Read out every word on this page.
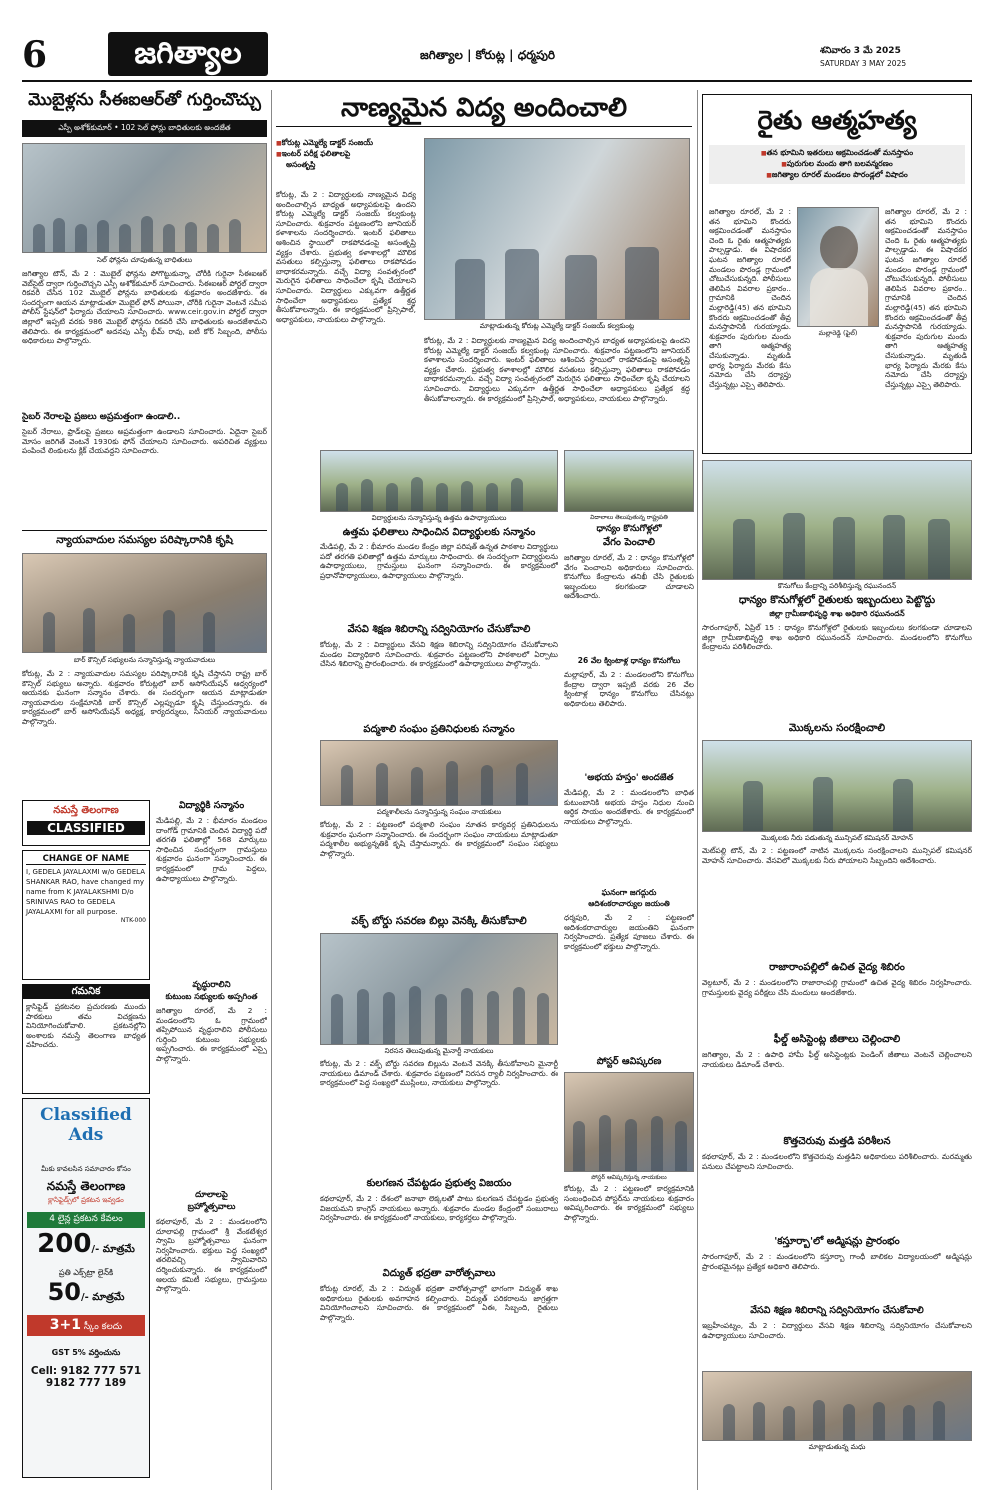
6	జగిత్యాల	జగిత్యాల | కోరుట్ల | ధర్మపురి	శనివారం 3 మే 2025
SATURDAY 3 MAY 2025
మొబైళ్లను సీఈఐఆర్‌తో గుర్తించొచ్చు
ఎస్పీ అశోక్‌కుమార్ • 102 సెల్ ఫోన్లు బాధితులకు అందజేత
సెల్ ఫోన్లను చూపుతున్న బాధితులు
జగిత్యాల టౌన్, మే 2 : మొబైల్ ఫోన్లను పోగొట్టుకున్నా, చోరీకి గురైనా సీఈఐఆర్ వెబ్‌సైట్ ద్వారా గుర్తించొచ్చని ఎస్పీ అశోక్‌కుమార్ సూచించారు. సీఈఐఆర్ పోర్టల్ ద్వారా రికవరీ చేసిన 102 మొబైల్ ఫోన్లను బాధితులకు శుక్రవారం అందజేశారు. ఈ సందర్భంగా ఆయన మాట్లాడుతూ మొబైల్ ఫోన్ పోయినా, చోరీకి గురైనా వెంటనే సమీప పోలీస్ స్టేషన్‌లో ఫిర్యాదు చేయాలని సూచించారు. www.ceir.gov.in పోర్టల్ ద్వారా జిల్లాలో ఇప్పటి వరకు 986 మొబైల్ ఫోన్లను రికవరీ చేసి బాధితులకు అందజేశామని తెలిపారు. ఈ కార్యక్రమంలో అదనపు ఎస్పీ భీమ్ రావు, ఐటీ కోర్ సిబ్బంది, పోలీసు అధికారులు పాల్గొన్నారు.
సైబర్ నేరాలపై ప్రజలు అప్రమత్తంగా ఉండాలి..
సైబర్ నేరాలు, ఫ్రాడ్‌లపై ప్రజలు అప్రమత్తంగా ఉండాలని సూచించారు. ఏదైనా సైబర్ మోసం జరిగితే వెంటనే 1930కు ఫోన్ చేయాలని సూచించారు. అపరిచిత వ్యక్తులు పంపించే లింకులను క్లిక్ చేయవద్దని సూచించారు.
న్యాయవాదుల సమస్యల పరిష్కారానికి కృషి
బార్ కౌన్సిల్ సభ్యులను సన్మానిస్తున్న న్యాయవాదులు
కోరుట్ల, మే 2 : న్యాయవాదుల సమస్యల పరిష్కారానికి కృషి చేస్తానని రాష్ట్ర బార్ కౌన్సిల్ సభ్యులు అన్నారు. శుక్రవారం కోరుట్లలో బార్ అసోసియేషన్ ఆధ్వర్యంలో ఆయనకు ఘనంగా సన్మానం చేశారు. ఈ సందర్భంగా ఆయన మాట్లాడుతూ న్యాయవాదుల సంక్షేమానికి బార్ కౌన్సిల్ ఎల్లప్పుడూ కృషి చేస్తుందన్నారు. ఈ కార్యక్రమంలో బార్ అసోసియేషన్ అధ్యక్ష, కార్యదర్శులు, సీనియర్ న్యాయవాదులు పాల్గొన్నారు.
నమస్తే తెలంగాణ
CLASSIFIED
CHANGE OF NAME
I, GEDELA JAYALAXMI w/o GEDELA SHANKAR RAO, have changed my name from K JAYALAKSHMI D/o SRINIVAS RAO to GEDELA JAYALAXMI for all purpose.
NTK-000
గమనిక
క్లాసిఫైడ్ ప్రకటనల ప్రచురణకు ముందు పాఠకులు తమ విచక్షణను వినియోగించుకోవాలి. ప్రకటనల్లోని అంశాలకు నమస్తే తెలంగాణ బాధ్యత వహించదు.
Classified Ads
మీకు కావలసిన సమాచారం కోసం
నమస్తే తెలంగాణ
క్లాసిఫైడ్స్‌లో ప్రకటన ఇవ్వడం
4 లైన్ల ప్రకటన కేవలం
200/- మాత్రమే
ప్రతి ఎక్స్‌ట్రా లైన్‌కి
50/- మాత్రమే
3+1 స్కీం కలదు
GST 5% వర్తించును
Cell: 9182 777 571
9182 777 189
విద్యార్థికి సన్మానం
మేడిపల్లి, మే 2 : భీమారం మండలం దాంగోడ్ గ్రామానికి చెందిన విద్యార్థి పదో తరగతి ఫలితాల్లో 568 మార్కులు సాధించిన సందర్భంగా గ్రామస్తులు శుక్రవారం ఘనంగా సన్మానించారు. ఈ కార్యక్రమంలో గ్రామ పెద్దలు, ఉపాధ్యాయులు పాల్గొన్నారు.
వృద్ధురాలిని
కుటుంబ సభ్యులకు అప్పగింత
జగిత్యాల రూరల్, మే 2 : మండలంలోని ఓ గ్రామంలో తప్పిపోయిన వృద్ధురాలిని పోలీసులు గుర్తించి కుటుంబ సభ్యులకు అప్పగించారు. ఈ కార్యక్రమంలో ఎస్సై పాల్గొన్నారు.
దూలాలపై
బ్రహ్మోత్సవాలు
కథలాపూర్, మే 2 : మండలంలోని దూలాపల్లి గ్రామంలో శ్రీ వేంకటేశ్వర స్వామి బ్రహ్మోత్సవాలు ఘనంగా నిర్వహించారు. భక్తులు పెద్ద సంఖ్యలో తరలివచ్చి స్వామివారిని దర్శించుకున్నారు. ఈ కార్యక్రమంలో ఆలయ కమిటీ సభ్యులు, గ్రామస్తులు పాల్గొన్నారు.
నాణ్యమైన విద్య అందించాలి
■ కోరుట్ల ఎమ్మెల్యే డాక్టర్ సంజయ్
■ ఇంటర్ పరీక్ష ఫలితాలపై
అసంతృప్తి
మాట్లాడుతున్న కోరుట్ల ఎమ్మెల్యే డాక్టర్ సంజయ్ కల్వకుంట్ల
కోరుట్ల, మే 2 : విద్యార్థులకు నాణ్యమైన విద్య అందించాల్సిన బాధ్యత అధ్యాపకులపై ఉందని కోరుట్ల ఎమ్మెల్యే డాక్టర్ సంజయ్ కల్వకుంట్ల సూచించారు. శుక్రవారం పట్టణంలోని జూనియర్ కళాశాలను సందర్శించారు. ఇంటర్ ఫలితాలు ఆశించిన స్థాయిలో రాకపోవడంపై అసంతృప్తి వ్యక్తం చేశారు. ప్రభుత్వ కళాశాలల్లో మౌలిక వసతులు కల్పిస్తున్నా ఫలితాలు రాకపోవడం బాధాకరమన్నారు. వచ్చే విద్యా సంవత్సరంలో మెరుగైన ఫలితాలు సాధించేలా కృషి చేయాలని సూచించారు. విద్యార్థులు ఎక్కువగా ఉత్తీర్ణత సాధించేలా అధ్యాపకులు ప్రత్యేక శ్రద్ధ తీసుకోవాలన్నారు. ఈ కార్యక్రమంలో ప్రిన్సిపాల్, అధ్యాపకులు, నాయకులు పాల్గొన్నారు.
కోరుట్ల, మే 2 : విద్యార్థులకు నాణ్యమైన విద్య అందించాల్సిన బాధ్యత అధ్యాపకులపై ఉందని కోరుట్ల ఎమ్మెల్యే డాక్టర్ సంజయ్ కల్వకుంట్ల సూచించారు. శుక్రవారం పట్టణంలోని జూనియర్ కళాశాలను సందర్శించారు. ఇంటర్ ఫలితాలు ఆశించిన స్థాయిలో రాకపోవడంపై అసంతృప్తి వ్యక్తం చేశారు. ప్రభుత్వ కళాశాలల్లో మౌలిక వసతులు కల్పిస్తున్నా ఫలితాలు రాకపోవడం బాధాకరమన్నారు. వచ్చే విద్యా సంవత్సరంలో మెరుగైన ఫలితాలు సాధించేలా కృషి చేయాలని సూచించారు. విద్యార్థులు ఎక్కువగా ఉత్తీర్ణత సాధించేలా అధ్యాపకులు ప్రత్యేక శ్రద్ధ తీసుకోవాలన్నారు. ఈ కార్యక్రమంలో ప్రిన్సిపాల్, అధ్యాపకులు, నాయకులు పాల్గొన్నారు.
విద్యార్థులను సన్మానిస్తున్న ఉత్తమ ఉపాధ్యాయులు
ఉత్తమ ఫలితాలు సాధించిన విద్యార్థులకు సన్మానం
మేడిపల్లి, మే 2 : భీమారం మండల కేంద్రం జిల్లా పరిషత్ ఉన్నత పాఠశాల విద్యార్థులు పదో తరగతి ఫలితాల్లో ఉత్తమ మార్కులు సాధించారు. ఈ సందర్భంగా విద్యార్థులను ఉపాధ్యాయులు, గ్రామస్తులు ఘనంగా సన్మానించారు. ఈ కార్యక్రమంలో ప్రధానోపాధ్యాయులు, ఉపాధ్యాయులు పాల్గొన్నారు.
వేసవి శిక్షణ శిబిరాన్ని సద్వినియోగం చేసుకోవాలి
కోరుట్ల, మే 2 : విద్యార్థులు వేసవి శిక్షణ శిబిరాన్ని సద్వినియోగం చేసుకోవాలని మండల విద్యాధికారి సూచించారు. శుక్రవారం పట్టణంలోని పాఠశాలలో ఏర్పాటు చేసిన శిబిరాన్ని ప్రారంభించారు. ఈ కార్యక్రమంలో ఉపాధ్యాయులు పాల్గొన్నారు.
పద్మశాలి సంఘం ప్రతినిధులకు సన్మానం
పద్మశాలీలను సన్మానిస్తున్న సంఘం నాయకులు
కోరుట్ల, మే 2 : పట్టణంలో పద్మశాలి సంఘం నూతన కార్యవర్గ ప్రతినిధులను శుక్రవారం ఘనంగా సన్మానించారు. ఈ సందర్భంగా సంఘం నాయకులు మాట్లాడుతూ పద్మశాలీల అభ్యున్నతికి కృషి చేస్తామన్నారు. ఈ కార్యక్రమంలో సంఘం సభ్యులు పాల్గొన్నారు.
వక్ఫ్ బోర్డు సవరణ బిల్లు వెనక్కి తీసుకోవాలి
నిరసన తెలుపుతున్న మైనార్టీ నాయకులు
కోరుట్ల, మే 2 : వక్ఫ్ బోర్డు సవరణ బిల్లును వెంటనే వెనక్కి తీసుకోవాలని మైనార్టీ నాయకులు డిమాండ్ చేశారు. శుక్రవారం పట్టణంలో నిరసన ర్యాలీ నిర్వహించారు. ఈ కార్యక్రమంలో పెద్ద సంఖ్యలో ముస్లింలు, నాయకులు పాల్గొన్నారు.
కులగణన చేపట్టడం ప్రభుత్వ విజయం
కథలాపూర్, మే 2 : దేశంలో జనాభా లెక్కలతో పాటు కులగణన చేపట్టడం ప్రభుత్వ విజయమని కాంగ్రెస్ నాయకులు అన్నారు. శుక్రవారం మండల కేంద్రంలో సంబురాలు నిర్వహించారు. ఈ కార్యక్రమంలో నాయకులు, కార్యకర్తలు పాల్గొన్నారు.
విద్యుత్ భద్రతా వారోత్సవాలు
కోరుట్ల రూరల్, మే 2 : విద్యుత్ భద్రతా వారోత్సవాల్లో భాగంగా విద్యుత్ శాఖ అధికారులు రైతులకు అవగాహన కల్పించారు. విద్యుత్ పరికరాలను జాగ్రత్తగా వినియోగించాలని సూచించారు. ఈ కార్యక్రమంలో ఏఈ, సిబ్బంది, రైతులు పాల్గొన్నారు.
విదాలాలు తెలుపుతున్న రాష్ట్రపతి
ధాన్యం కొనుగోళ్లలో
వేగం పెంచాలి
జగిత్యాల రూరల్, మే 2 : ధాన్యం కొనుగోళ్లలో వేగం పెంచాలని అధికారులు సూచించారు. కొనుగోలు కేంద్రాలను తనిఖీ చేసి రైతులకు ఇబ్బందులు కలగకుండా చూడాలని ఆదేశించారు.
26 వేల క్వింటాళ్ల ధాన్యం కొనుగోలు
మల్లాపూర్, మే 2 : మండలంలోని కొనుగోలు కేంద్రాల ద్వారా ఇప్పటి వరకు 26 వేల క్వింటాళ్ల ధాన్యం కొనుగోలు చేసినట్లు అధికారులు తెలిపారు.
'అభయ హస్తం' అందజేత
మేడిపల్లి, మే 2 : మండలంలోని బాధిత కుటుంబానికి అభయ హస్తం నిధుల నుంచి ఆర్థిక సాయం అందజేశారు. ఈ కార్యక్రమంలో నాయకులు పాల్గొన్నారు.
ఘనంగా జగద్గురు
ఆదిశంకరాచార్యుల జయంతి
ధర్మపురి, మే 2 : పట్టణంలో ఆదిశంకరాచార్యుల జయంతిని ఘనంగా నిర్వహించారు. ప్రత్యేక పూజలు చేశారు. ఈ కార్యక్రమంలో భక్తులు పాల్గొన్నారు.
పోస్టర్ ఆవిష్కరణ
పోస్టర్ ఆవిష్కరిస్తున్న నాయకులు
కోరుట్ల, మే 2 : పట్టణంలో కార్యక్రమానికి సంబంధించిన పోస్టర్‌ను నాయకులు శుక్రవారం ఆవిష్కరించారు. ఈ కార్యక్రమంలో సభ్యులు పాల్గొన్నారు.
రైతు ఆత్మహత్య
■ తన భూమిని ఇతరులు ఆక్రమించడంతో మనస్తాపం
■ పురుగుల మందు తాగి బలవన్మరణం
■ జగిత్యాల రూరల్ మండలం పొరండ్లలో విషాదం
జగిత్యాల రూరల్, మే 2 : తన భూమిని కొందరు ఆక్రమించడంతో మనస్తాపం చెంది ఓ రైతు ఆత్మహత్యకు పాల్పడ్డాడు. ఈ విషాదకర ఘటన జగిత్యాల రూరల్ మండలం పొరండ్ల గ్రామంలో చోటుచేసుకున్నది. పోలీసులు తెలిపిన వివరాల ప్రకారం.. గ్రామానికి చెందిన మల్లారెడ్డి(45) తన భూమిని కొందరు ఆక్రమించడంతో తీవ్ర మనస్తాపానికి గురయ్యాడు. శుక్రవారం పురుగుల మందు తాగి ఆత్మహత్య చేసుకున్నాడు. మృతుడి భార్య ఫిర్యాదు మేరకు కేసు నమోదు చేసి దర్యాప్తు చేస్తున్నట్లు ఎస్సై తెలిపారు.
మల్లారెడ్డి (ఫైల్)
జగిత్యాల రూరల్, మే 2 : తన భూమిని కొందరు ఆక్రమించడంతో మనస్తాపం చెంది ఓ రైతు ఆత్మహత్యకు పాల్పడ్డాడు. ఈ విషాదకర ఘటన జగిత్యాల రూరల్ మండలం పొరండ్ల గ్రామంలో చోటుచేసుకున్నది. పోలీసులు తెలిపిన వివరాల ప్రకారం.. గ్రామానికి చెందిన మల్లారెడ్డి(45) తన భూమిని కొందరు ఆక్రమించడంతో తీవ్ర మనస్తాపానికి గురయ్యాడు. శుక్రవారం పురుగుల మందు తాగి ఆత్మహత్య చేసుకున్నాడు. మృతుడి భార్య ఫిర్యాదు మేరకు కేసు నమోదు చేసి దర్యాప్తు చేస్తున్నట్లు ఎస్సై తెలిపారు.
కొనుగోలు కేంద్రాన్ని పరిశీలిస్తున్న రఘునందన్
ధాన్యం కొనుగోళ్లలో రైతులకు ఇబ్బందులు పెట్టొద్దు
జిల్లా గ్రామీణాభివృద్ధి శాఖ అధికారి రఘునందన్
సారంగాపూర్, ఏప్రిల్ 15 : ధాన్యం కొనుగోళ్లలో రైతులకు ఇబ్బందులు కలగకుండా చూడాలని జిల్లా గ్రామీణాభివృద్ధి శాఖ అధికారి రఘునందన్ సూచించారు. మండలంలోని కొనుగోలు కేంద్రాలను పరిశీలించారు.
మొక్కలను సంరక్షించాలి
మొక్కలకు నీరు పడుతున్న మున్సిపల్ కమిషనర్ మోహన్
మెట్‌పల్లి టౌన్, మే 2 : పట్టణంలో నాటిన మొక్కలను సంరక్షించాలని మున్సిపల్ కమిషనర్ మోహన్ సూచించారు. వేసవిలో మొక్కలకు నీరు పోయాలని సిబ్బందిని ఆదేశించారు.
రాజారాంపల్లిలో ఉచిత వైద్య శిబిరం
వెల్గటూర్, మే 2 : మండలంలోని రాజారాంపల్లి గ్రామంలో ఉచిత వైద్య శిబిరం నిర్వహించారు. గ్రామస్తులకు వైద్య పరీక్షలు చేసి మందులు అందజేశారు.
ఫీల్డ్ అసిస్టెంట్ల జీతాలు చెల్లించాలి
జగిత్యాల, మే 2 : ఉపాధి హామీ ఫీల్డ్ అసిస్టెంట్లకు పెండింగ్ జీతాలు వెంటనే చెల్లించాలని నాయకులు డిమాండ్ చేశారు.
కొత్తచెరువు మత్తడి పరిశీలన
కథలాపూర్, మే 2 : మండలంలోని కొత్తచెరువు మత్తడిని అధికారులు పరిశీలించారు. మరమ్మతు పనులు చేపట్టాలని సూచించారు.
'కస్తూర్బా'లో అడ్మిషన్లు ప్రారంభం
సారంగాపూర్, మే 2 : మండలంలోని కస్తూర్బా గాంధీ బాలికల విద్యాలయంలో అడ్మిషన్లు ప్రారంభమైనట్లు ప్రత్యేక అధికారి తెలిపారు.
వేసవి శిక్షణ శిబిరాన్ని సద్వినియోగం చేసుకోవాలి
ఇబ్రహీంపట్నం, మే 2 : విద్యార్థులు వేసవి శిక్షణ శిబిరాన్ని సద్వినియోగం చేసుకోవాలని ఉపాధ్యాయులు సూచించారు.
మాట్లాడుతున్న మధు
